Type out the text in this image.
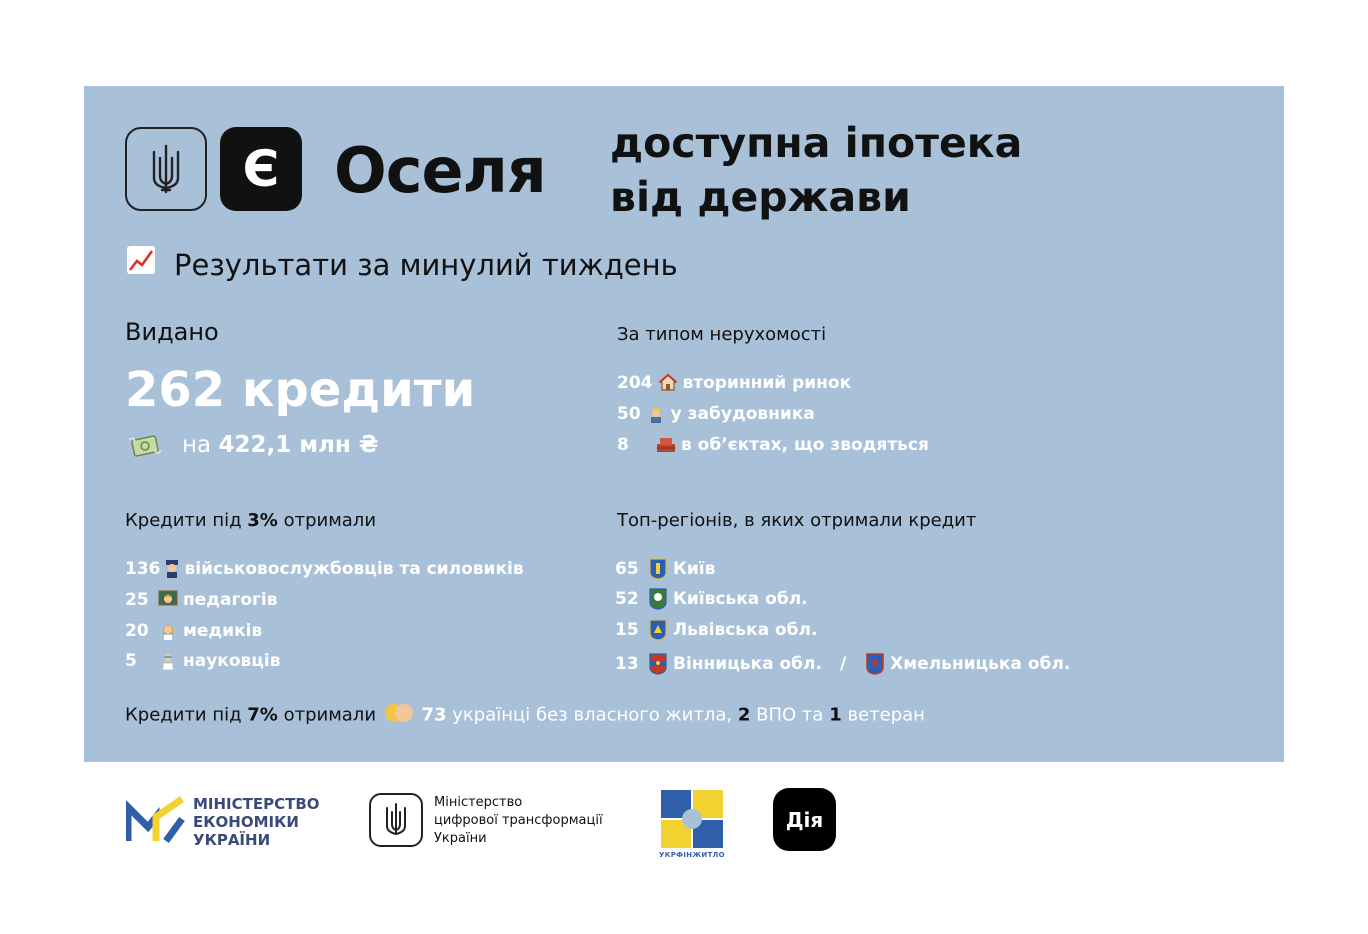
Є Оселя доступна іпотека
від держави
Результати за минулий тиждень
Видано
262 кредити
на 422,1 млн ₴
За типом нерухомості
204 вторинний ринок
50 у забудовника
8	в об’єктах, що зводяться
Кредити під 3% отримали
136 військовослужбовців та силовиків
25 педагогів
20 медиків
5	науковців
Топ-регіонів, в яких отримали кредит
65 Київ
52 Київська обл.
15 Львівська обл.
13 Вінницька обл. /	Хмельницька обл.
Кредити під 7% отримали	73 українці без власного житла, 2 ВПО та 1 ветеран
МІНІСТЕРСТВО
ЕКОНОМІКИ
УКРАЇНИ
Міністерство
цифрової трансформації
України
УКРФІНЖИТЛО
Дія
